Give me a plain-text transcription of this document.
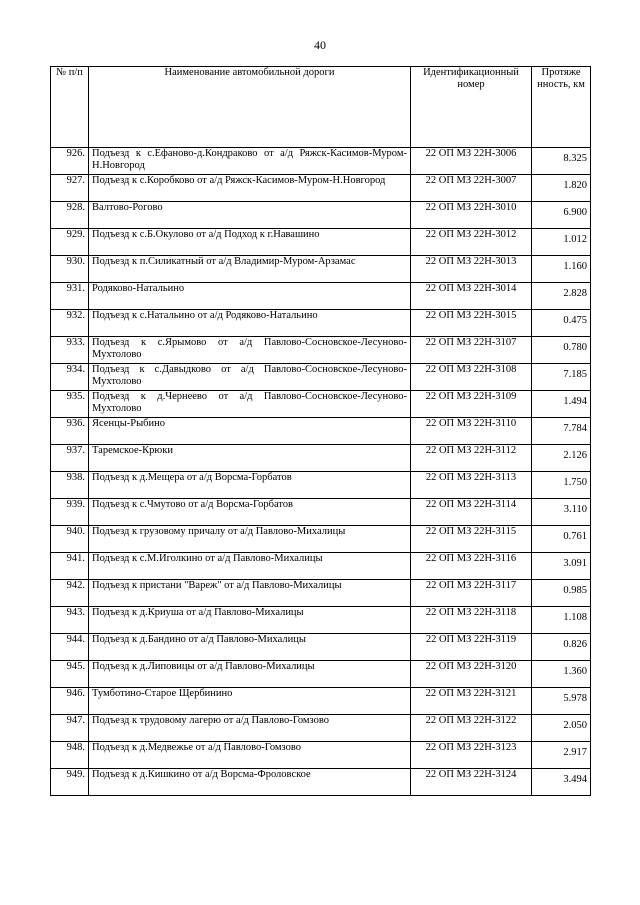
40
№ п/п	Наименование автомобильной дороги	Идентификационный номер	Протяже нность, км
926.	Подъезд к с.Ефаново-д.Кондраково от а/д Ряжск-Касимов-Муром-Н.Новгород	22 ОП МЗ 22Н-3006	8.325
927.	Подъезд к с.Коробково от а/д Ряжск-Касимов-Муром-Н.Новгород	22 ОП МЗ 22Н-3007	1.820
928.	Валтово-Рогово	22 ОП МЗ 22Н-3010	6.900
929.	Подъезд к с.Б.Окулово от а/д Подход к г.Навашино	22 ОП МЗ 22Н-3012	1.012
930.	Подъезд к п.Силикатный от а/д Владимир-Муром-Арзамас	22 ОП МЗ 22Н-3013	1.160
931.	Родяково-Натальино	22 ОП МЗ 22Н-3014	2.828
932.	Подъезд к с.Натальино от а/д Родяково-Натальино	22 ОП МЗ 22Н-3015	0.475
933.	Подъезд к с.Ярымово от а/д Павлово-Сосновское-Лесуново-Мухтолово	22 ОП МЗ 22Н-3107	0.780
934.	Подъезд к с.Давыдково от а/д Павлово-Сосновское-Лесуново-Мухтолово	22 ОП МЗ 22Н-3108	7.185
935.	Подъезд к д.Чернеево от а/д Павлово-Сосновское-Лесуново-Мухтолово	22 ОП МЗ 22Н-3109	1.494
936.	Ясенцы-Рыбино	22 ОП МЗ 22Н-3110	7.784
937.	Таремское-Крюки	22 ОП МЗ 22Н-3112	2.126
938.	Подъезд к д.Мещера от а/д Ворсма-Горбатов	22 ОП МЗ 22Н-3113	1.750
939.	Подъезд к с.Чмутово от а/д Ворсма-Горбатов	22 ОП МЗ 22Н-3114	3.110
940.	Подъезд к грузовому причалу от а/д Павлово-Михалицы	22 ОП МЗ 22Н-3115	0.761
941.	Подъезд к с.М.Иголкино от а/д Павлово-Михалицы	22 ОП МЗ 22Н-3116	3.091
942.	Подъезд к пристани "Вареж" от а/д Павлово-Михалицы	22 ОП МЗ 22Н-3117	0.985
943.	Подъезд к д.Криуша от а/д Павлово-Михалицы	22 ОП МЗ 22Н-3118	1.108
944.	Подъезд к д.Бандино от а/д Павлово-Михалицы	22 ОП МЗ 22Н-3119	0.826
945.	Подъезд к д.Липовицы от а/д Павлово-Михалицы	22 ОП МЗ 22Н-3120	1.360
946.	Тумботино-Старое Щербинино	22 ОП МЗ 22Н-3121	5.978
947.	Подъезд к трудовому лагерю от а/д Павлово-Гомзово	22 ОП МЗ 22Н-3122	2.050
948.	Подъезд к д.Медвежье от а/д Павлово-Гомзово	22 ОП МЗ 22Н-3123	2.917
949.	Подъезд к д.Кишкино от а/д Ворсма-Фроловское	22 ОП МЗ 22Н-3124	3.494
